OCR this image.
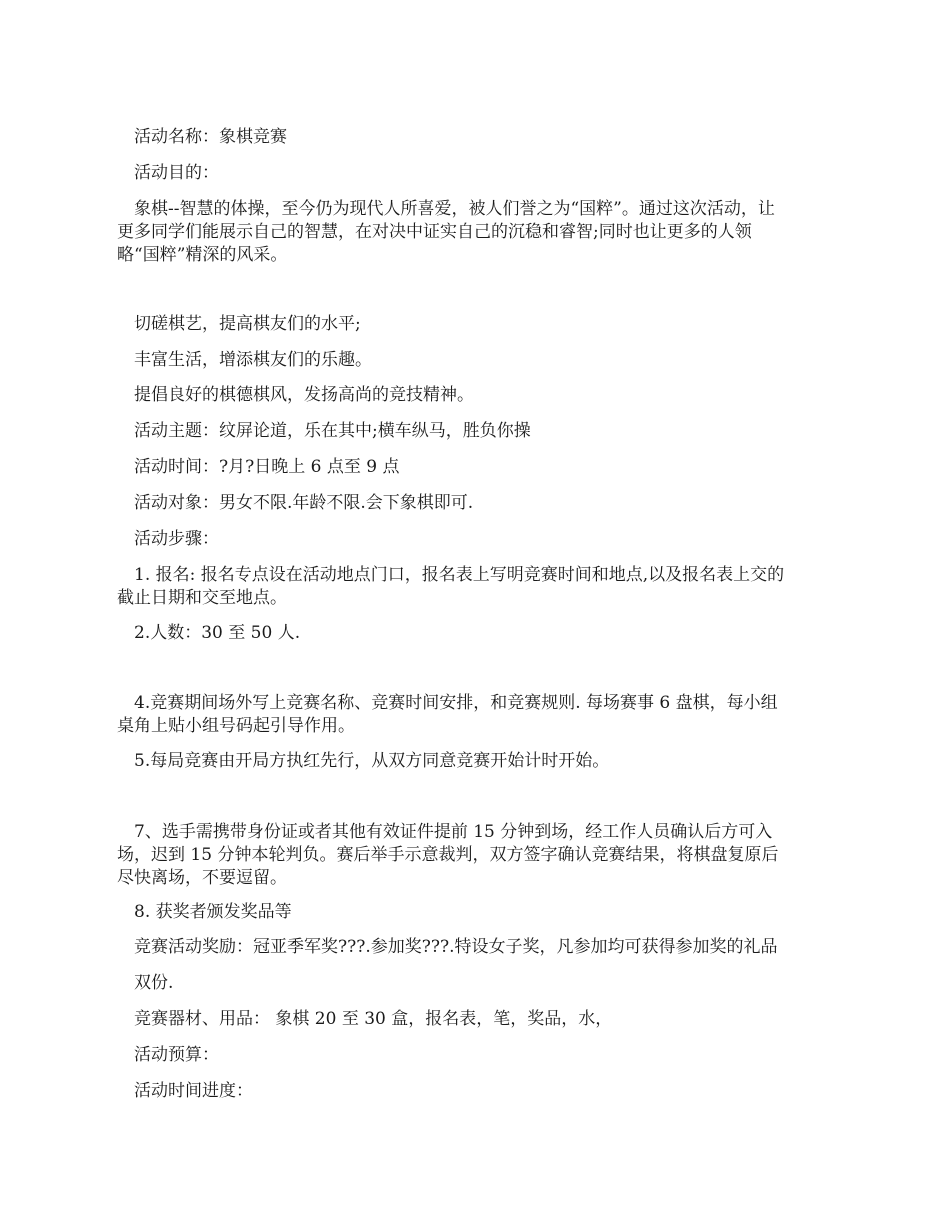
　活动名称：象棋竞赛
　活动目的：
　象棋--智慧的体操，至今仍为现代人所喜爱，被人们誉之为“国粹”。通过这次活动，让
更多同学们能展示自己的智慧，在对决中证实自己的沉稳和睿智;同时也让更多的人领
略“国粹”精深的风采。
　切磋棋艺，提高棋友们的水平;
　丰富生活，增添棋友们的乐趣。
　提倡良好的棋德棋风，发扬高尚的竞技精神。
　活动主题：纹屏论道，乐在其中;横车纵马，胜负你操
　活动时间：?月?日晚上 6 点至 9 点
　活动对象：男女不限.年龄不限.会下象棋即可.
　活动步骤：
　1. 报名: 报名专点设在活动地点门口，报名表上写明竞赛时间和地点,以及报名表上交的
截止日期和交至地点。
　2.人数：30 至 50 人.
　4.竞赛期间场外写上竞赛名称、竞赛时间安排，和竞赛规则. 每场赛事 6 盘棋，每小组
桌角上贴小组号码起引导作用。
　5.每局竞赛由开局方执红先行，从双方同意竞赛开始计时开始。
　7、选手需携带身份证或者其他有效证件提前 15 分钟到场，经工作人员确认后方可入
场，迟到 15 分钟本轮判负。赛后举手示意裁判，双方签字确认竞赛结果，将棋盘复原后
尽快离场，不要逗留。
　8. 获奖者颁发奖品等
　竞赛活动奖励：冠亚季军奖???.参加奖???.特设女子奖，凡参加均可获得参加奖的礼品
　双份.
　竞赛器材、用品： 象棋 20 至 30 盒，报名表，笔，奖品，水，
　活动预算：
　活动时间进度：
